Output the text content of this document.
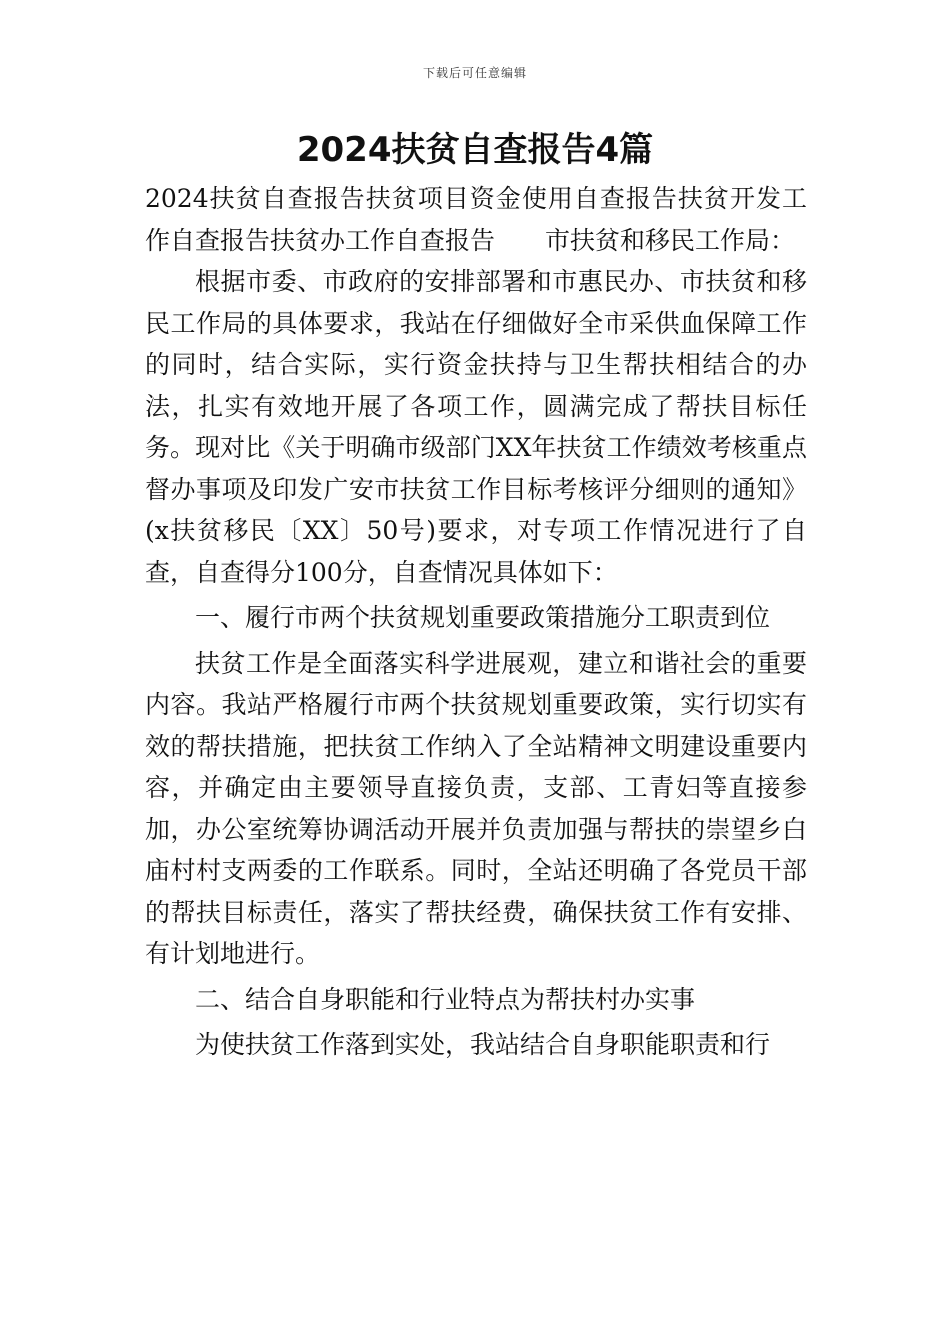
下载后可任意编辑
2024扶贫自查报告4篇

2024扶贫自查报告扶贫项目资金使用自查报告扶贫开发工作自查报告扶贫办工作自查报告　　市扶贫和移民工作局：

根据市委、市政府的安排部署和市惠民办、市扶贫和移民工作局的具体要求，我站在仔细做好全市采供血保障工作的同时，结合实际，实行资金扶持与卫生帮扶相结合的办法，扎实有效地开展了各项工作，圆满完成了帮扶目标任务。现对比《关于明确市级部门XX年扶贫工作绩效考核重点督办事项及印发广安市扶贫工作目标考核评分细则的通知》(x扶贫移民〔XX〕50号)要求，对专项工作情况进行了自查，自查得分100分，自查情况具体如下：

一、履行市两个扶贫规划重要政策措施分工职责到位

扶贫工作是全面落实科学进展观，建立和谐社会的重要内容。我站严格履行市两个扶贫规划重要政策，实行切实有效的帮扶措施，把扶贫工作纳入了全站精神文明建设重要内容，并确定由主要领导直接负责，支部、工青妇等直接参加，办公室统筹协调活动开展并负责加强与帮扶的崇望乡白庙村村支两委的工作联系。同时，全站还明确了各党员干部的帮扶目标责任，落实了帮扶经费，确保扶贫工作有安排、有计划地进行。

二、结合自身职能和行业特点为帮扶村办实事

为使扶贫工作落到实处，我站结合自身职能职责和行
